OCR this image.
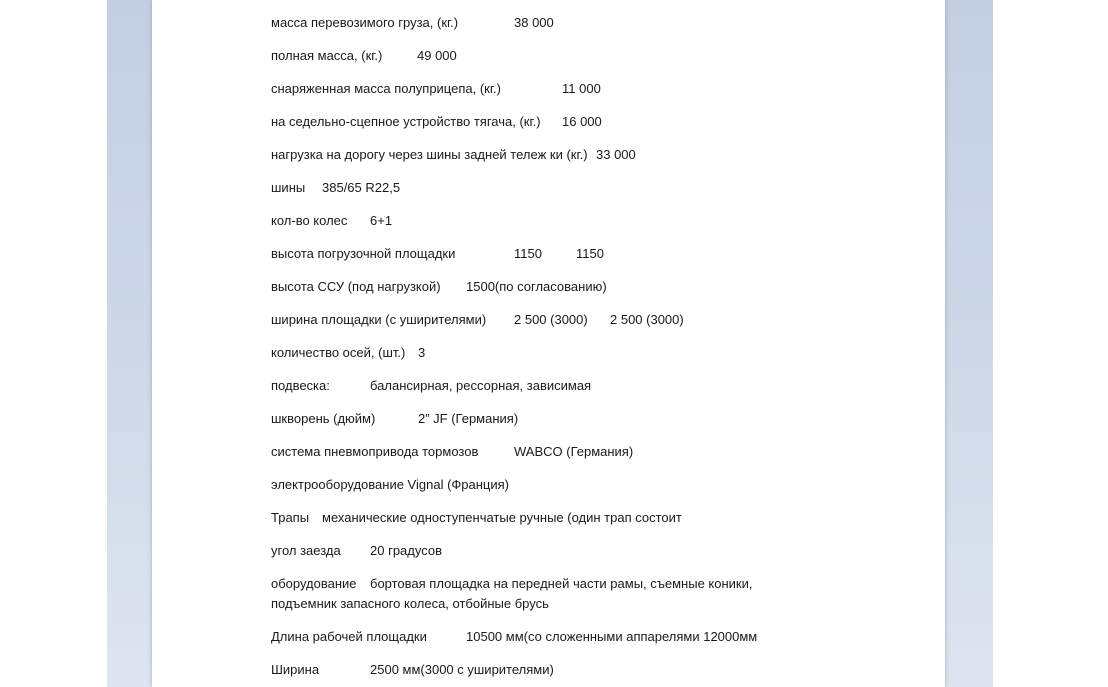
масса перевозимого груза, (кг.)	38 000
полная масса, (кг.)	49 000
снаряженная масса полуприцепа, (кг.)	11 000
на седельно-сцепное устройство тягача, (кг.) 16 000
нагрузка на дорогу через шины задней тележ ки (кг.) 33 000
шины 385/65 R22,5
кол-во колес 6+1
высота погрузочной площадки	1150	1150
высота ССУ (под нагрузкой) 1500(по согласованию)
ширина площадки (с уширителями) 2 500 (3000) 2 500 (3000)
количество осей, (шт.) 3
подвеска:	балансирная, рессорная, зависимая
шкворень (дюйм)	2” JF (Германия)
система пневмопривода тормозов	WABCO (Германия)
электрооборудование Vignal (Франция)
Трапы механические одноступенчатые ручные (один трап состоит
угол заезда 20 градусов
оборудование бортовая площадка на передней части рамы, съемные коники,
подъемник запасного колеса, отбойные брусь
Длина рабочей площадки	10500 мм(со сложенными аппарелями 12000мм
Ширина	2500 мм(3000 с уширителями)
